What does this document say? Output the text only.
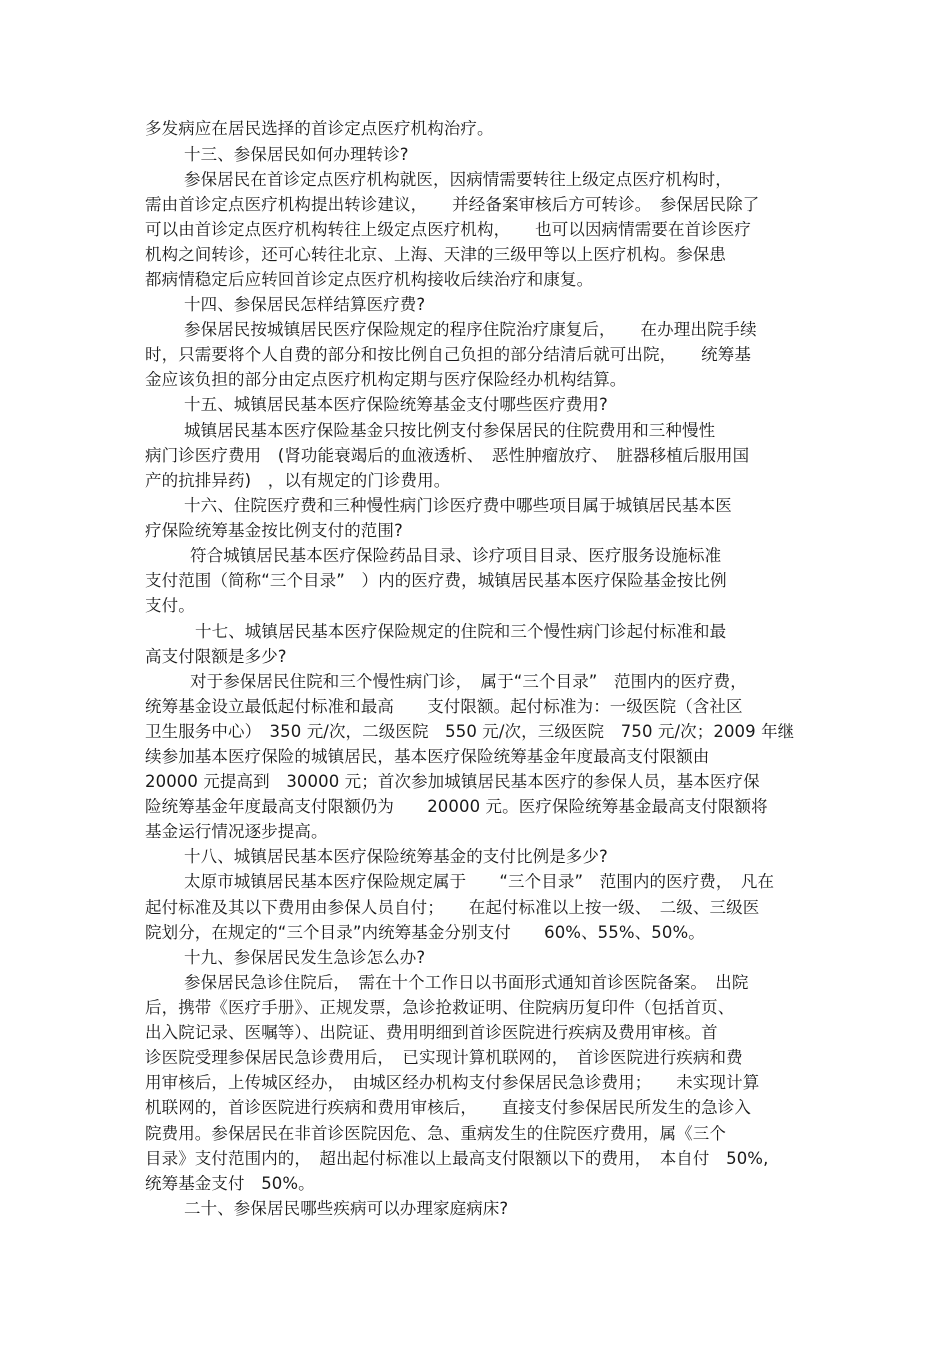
多发病应在居民选择的首诊定点医疗机构治疗。

十三、参保居民如何办理转诊?

参保居民在首诊定点医疗机构就医，因病情需要转往上级定点医疗机构时，

需由首诊定点医疗机构提出转诊建议，　　并经备案审核后方可转诊。　参保居民除了

可以由首诊定点医疗机构转往上级定点医疗机构，　　也可以因病情需要在首诊医疗

机构之间转诊，还可心转往北京、上海、天津的三级甲等以上医疗机构。参保患

都病情稳定后应转回首诊定点医疗机构接收后续治疗和康复。

十四、参保居民怎样结算医疗费?

参保居民按城镇居民医疗保险规定的程序住院治疗康复后，　　在办理出院手续

时，只需要将个人自费的部分和按比例自己负担的部分结清后就可出院，　　统筹基

金应该负担的部分由定点医疗机构定期与医疗保险经办机构结算。

十五、城镇居民基本医疗保险统筹基金支付哪些医疗费用?

城镇居民基本医疗保险基金只按比例支付参保居民的住院费用和三种慢性

病门诊医疗费用　(肾功能衰竭后的血液透析、　恶性肿瘤放疗、　脏器移植后服用国

产的抗排异药)　，以有规定的门诊费用。

十六、住院医疗费和三种慢性病门诊医疗费中哪些项目属于城镇居民基本医

疗保险统筹基金按比例支付的范围?

符合城镇居民基本医疗保险药品目录、诊疗项目目录、医疗服务设施标准

支付范围（简称“三个目录”　）内的医疗费，城镇居民基本医疗保险基金按比例

支付。

十七、城镇居民基本医疗保险规定的住院和三个慢性病门诊起付标准和最

高支付限额是多少?

对于参保居民住院和三个慢性病门诊，　属于“三个目录”　范围内的医疗费，

统筹基金设立最低起付标准和最高　　支付限额。起付标准为：一级医院（含社区

卫生服务中心）　350 元/次，二级医院　550 元/次，三级医院　750 元/次；2009 年继

续参加基本医疗保险的城镇居民，基本医疗保险统筹基金年度最高支付限额由

20000 元提高到　30000 元；首次参加城镇居民基本医疗的参保人员，基本医疗保

险统筹基金年度最高支付限额仍为　　20000 元。医疗保险统筹基金最高支付限额将

基金运行情况逐步提高。

十八、城镇居民基本医疗保险统筹基金的支付比例是多少?

太原市城镇居民基本医疗保险规定属于　　“三个目录”　范围内的医疗费，　凡在

起付标准及其以下费用由参保人员自付；　　在起付标准以上按一级、　二级、三级医

院划分，在规定的“三个目录”内统筹基金分别支付　　60%、55%、50%。

十九、参保居民发生急诊怎么办?

参保居民急诊住院后，　需在十个工作日以书面形式通知首诊医院备案。　出院

后，携带《医疗手册》、正规发票，急诊抢救证明、住院病历复印件（包括首页、

出入院记录、医嘱等）、出院证、费用明细到首诊医院进行疾病及费用审核。首

诊医院受理参保居民急诊费用后，　已实现计算机联网的，　首诊医院进行疾病和费

用审核后，上传城区经办，　由城区经办机构支付参保居民急诊费用；　　未实现计算

机联网的，首诊医院进行疾病和费用审核后，　　直接支付参保居民所发生的急诊入

院费用。参保居民在非首诊医院因危、急、重病发生的住院医疗费用，属《三个

目录》支付范围内的，　超出起付标准以上最高支付限额以下的费用，　本自付　50%,

统筹基金支付　50%。

二十、参保居民哪些疾病可以办理家庭病床?
